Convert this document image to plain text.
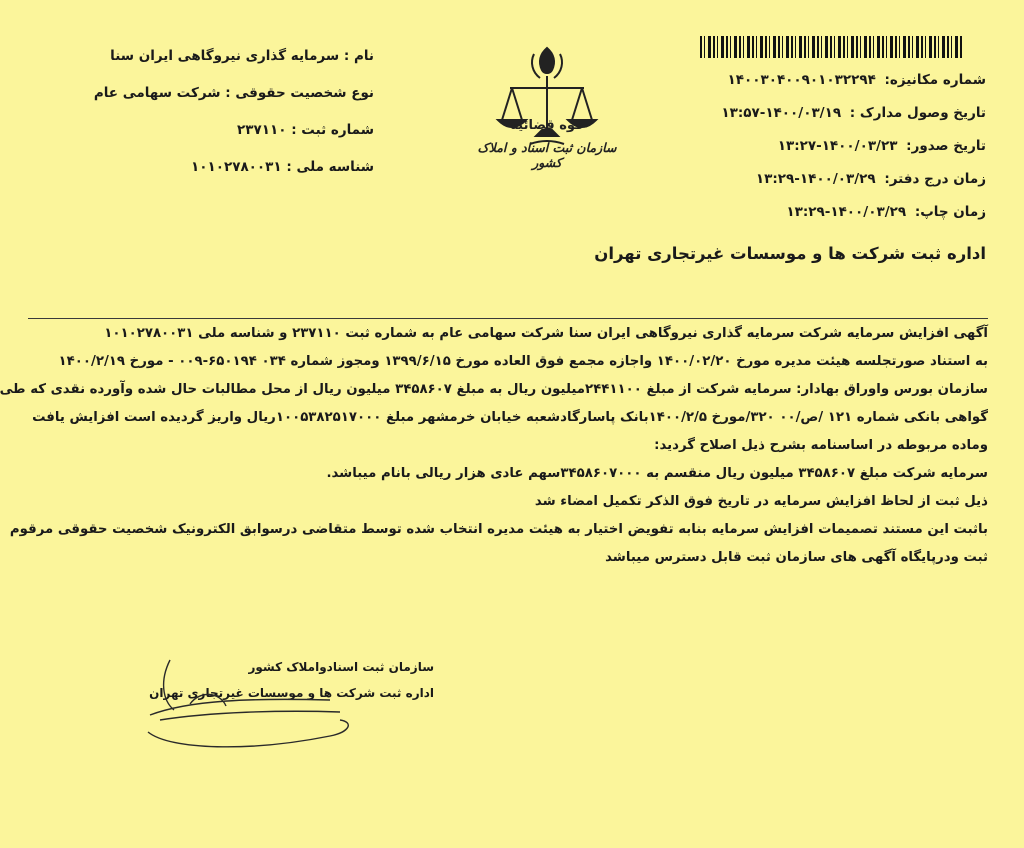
شماره مکانیزه: ۱۴۰۰۳۰۴۰۰۹۰۱۰۳۲۲۹۴
تاریخ وصول مدارک : ۱۴۰۰/۰۳/۱۹-۱۳:۵۷
تاریخ صدور: ۱۴۰۰/۰۳/۲۳-۱۳:۲۷
زمان درج دفتر: ۱۴۰۰/۰۳/۲۹-۱۳:۲۹
زمان چاپ: ۱۴۰۰/۰۳/۲۹-۱۳:۲۹
قوه قضائیه
سازمان ثبت اسناد و املاک کشور
نام : سرمایه گذاری نیروگاهی ایران سنا
نوع شخصیت حقوقی : شرکت سهامی عام
شماره ثبت : ۲۳۷۱۱۰
شناسه ملی : ۱۰۱۰۲۷۸۰۰۳۱
اداره ثبت شرکت ها و موسسات غیرتجاری تهران
آگهی افزایش سرمایه شرکت سرمایه گذاری نیروگاهی ایران سنا شرکت سهامی عام به شماره ثبت ۲۳۷۱۱۰ و شناسه ملی ۱۰۱۰۲۷۸۰۰۳۱
به استناد صورتجلسه هیئت مدیره مورخ ۱۴۰۰/۰۲/۲۰ واجازه مجمع فوق العاده مورخ ۱۳۹۹/۶/۱۵ ومجوز شماره ۰۳۴ ۶۵۰۱۹۴-۰۰۹ - مورخ ۱۴۰۰/۲/۱۹
سازمان بورس واوراق بهادار: سرمایه شرکت از مبلغ ۲۴۴۱۱۰۰میلیون ریال به مبلغ ۳۴۵۸۶۰۷ میلیون ریال از محل مطالبات حال شده وآورده نقدی که طی
گواهی بانکی شماره ۱۲۱ /ص/۰۰ ۳۲۰/مورخ ۱۴۰۰/۲/۵بانک پاسارگادشعبه خیابان خرمشهر مبلغ ۱۰۰۵۳۸۲۵۱۷۰۰۰ریال واریز گردیده است افزایش یافت
وماده مربوطه در اساسنامه بشرح ذیل اصلاح گردید:
سرمایه شرکت مبلغ ۳۴۵۸۶۰۷ میلیون ریال منقسم به ۳۴۵۸۶۰۷۰۰۰سهم عادی هزار ریالی بانام میباشد.
ذیل ثبت از لحاظ افزایش سرمایه در تاریخ فوق الذکر تکمیل امضاء شد
باثبت این مستند تصمیمات افزایش سرمایه بنابه تفویض اختیار به هیئت مدیره انتخاب شده توسط متقاضی درسوابق الکترونیک شخصیت حقوقی مرقوم
ثبت ودرپایگاه آگهی های سازمان ثبت قابل دسترس میباشد
سازمان ثبت اسنادواملاک کشور
اداره ثبت شرکت ها و موسسات غیرتجاری تهران
